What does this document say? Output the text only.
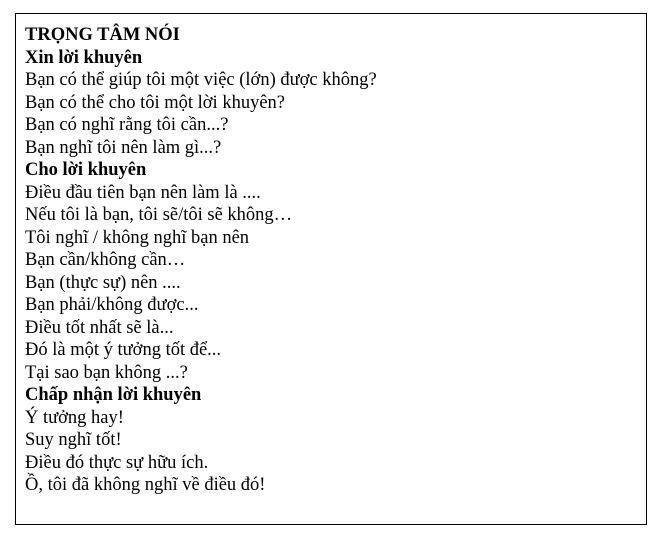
TRỌNG TÂM NÓI
Xin lời khuyên
Bạn có thể giúp tôi một việc (lớn) được không?
Bạn có thể cho tôi một lời khuyên?
Bạn có nghĩ rằng tôi cần...?
Bạn nghĩ tôi nên làm gì...?
Cho lời khuyên
Điều đầu tiên bạn nên làm là ....
Nếu tôi là bạn, tôi sẽ/tôi sẽ không…
Tôi nghĩ / không nghĩ bạn nên
Bạn cần/không cần…
Bạn (thực sự) nên ....
Bạn phải/không được...
Điều tốt nhất sẽ là...
Đó là một ý tưởng tốt để...
Tại sao bạn không ...?
Chấp nhận lời khuyên
Ý tưởng hay!
Suy nghĩ tốt!
Điều đó thực sự hữu ích.
Ồ, tôi đã không nghĩ về điều đó!
